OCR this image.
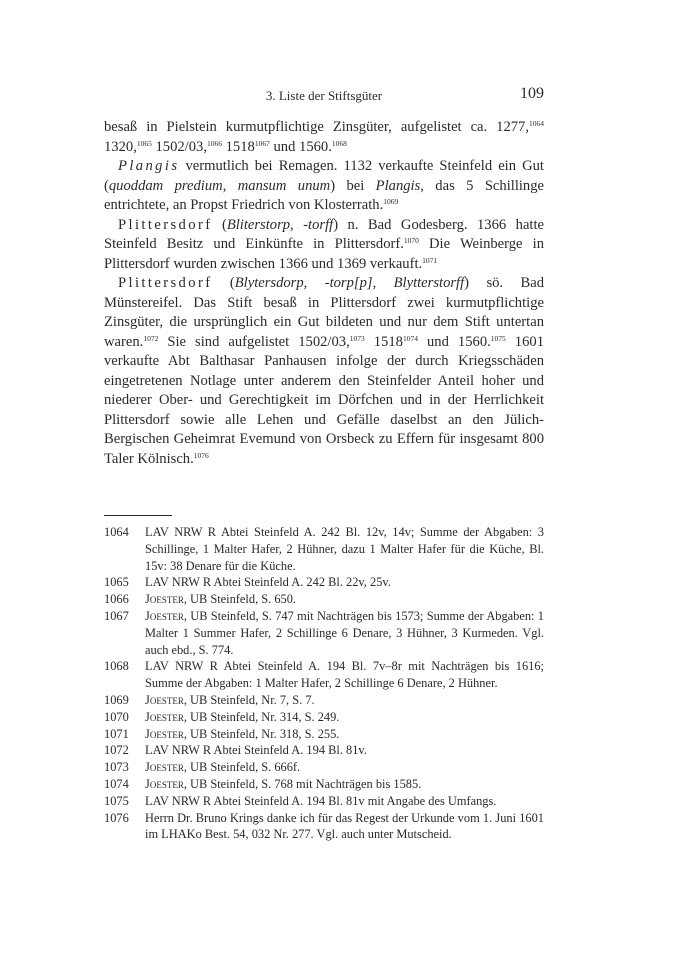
3. Liste der Stiftsgüter	109

besaß in Pielstein kurmutpflichtige Zinsgüter, aufgelistet ca. 1277,$^{1064}$ 1320,$^{1065}$ 1502/03,$^{1066}$ $1518^{1067}$ und 1560.$^{1068}$

Plangis vermutlich bei Remagen. 1132 verkaufte Steinfeld ein Gut (quoddam predium, mansum unum) bei Plangis, das 5 Schillinge entrichtete, an Propst Friedrich von Klosterrath.$^{1069}$

Plittersdorf (Bliterstorp, -torff) n. Bad Godesberg. 1366 hatte Steinfeld Besitz und Einkünfte in Plittersdorf.$^{1070}$ Die Weinberge in Plittersdorf wurden zwischen 1366 und 1369 verkauft.$^{1071}$

Plittersdorf (Blytersdorp, -torp[p], Blytterstorff) sö. Bad Münstereifel. Das Stift besaß in Plittersdorf zwei kurmutpflichtige Zinsgüter, die ursprünglich ein Gut bildeten und nur dem Stift untertan waren.$^{1072}$ Sie sind aufgelistet 1502/03,$^{1073}$ $1518^{1074}$ und 1560.$^{1075}$ 1601 verkaufte Abt Balthasar Panhausen infolge der durch Kriegsschäden eingetretenen Notlage unter anderem den Steinfelder Anteil hoher und niederer Ober- und Gerechtigkeit im Dörfchen und in der Herrlichkeit Plittersdorf sowie alle Lehen und Gefälle daselbst an den Jülich-Bergischen Geheimrat Evemund von Orsbeck zu Effern für insgesamt 800 Taler Kölnisch.$^{1076}$

1064 LAV NRW R Abtei Steinfeld A. 242 Bl. 12v, 14v; Summe der Abgaben: 3 Schillinge, 1 Malter Hafer, 2 Hühner, dazu 1 Malter Hafer für die Küche, Bl. 15v: 38 Denare für die Küche.
1065 LAV NRW R Abtei Steinfeld A. 242 Bl. 22v, 25v.
1066 Joester, UB Steinfeld, S. 650.
1067 Joester, UB Steinfeld, S. 747 mit Nachträgen bis 1573; Summe der Abgaben: 1 Malter 1 Summer Hafer, 2 Schillinge 6 Denare, 3 Hühner, 3 Kurmeden. Vgl. auch ebd., S. 774.
1068 LAV NRW R Abtei Steinfeld A. 194 Bl. 7v–8r mit Nachträgen bis 1616; Summe der Abgaben: 1 Malter Hafer, 2 Schillinge 6 Denare, 2 Hühner.
1069 Joester, UB Steinfeld, Nr. 7, S. 7.
1070 Joester, UB Steinfeld, Nr. 314, S. 249.
1071 Joester, UB Steinfeld, Nr. 318, S. 255.
1072 LAV NRW R Abtei Steinfeld A. 194 Bl. 81v.
1073 Joester, UB Steinfeld, S. 666f.
1074 Joester, UB Steinfeld, S. 768 mit Nachträgen bis 1585.
1075 LAV NRW R Abtei Steinfeld A. 194 Bl. 81v mit Angabe des Umfangs.
1076 Herrn Dr. Bruno Krings danke ich für das Regest der Urkunde vom 1. Juni 1601 im LHAKo Best. 54, 032 Nr. 277. Vgl. auch unter Mutscheid.
